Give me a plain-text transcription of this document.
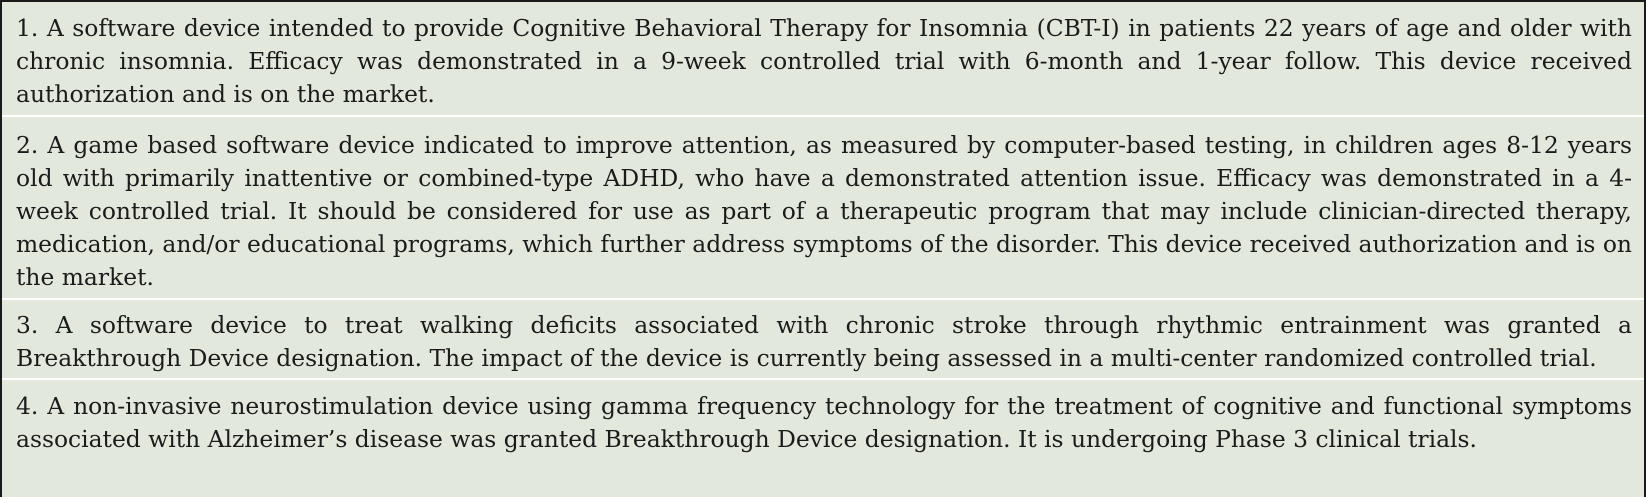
1. A software device intended to provide Cognitive Behavioral Therapy for Insomnia (CBT-I) in patients 22 years of age and older with chronic insomnia. Efficacy was demonstrated in a 9-week controlled trial with 6-month and 1-year follow. This device received authorization and is on the market.

2. A game based software device indicated to improve attention, as measured by computer-based testing, in children ages 8-12 years old with primarily inattentive or combined-type ADHD, who have a demonstrated attention issue. Efficacy was demonstrated in a 4-week controlled trial. It should be considered for use as part of a therapeutic program that may include clinician-directed therapy, medication, and/or educational programs, which further address symptoms of the disorder. This device received authorization and is on the market.

3. A software device to treat walking deficits associated with chronic stroke through rhythmic entrainment was granted a Breakthrough Device designation. The impact of the device is currently being assessed in a multi-center randomized controlled trial.

4. A non-invasive neurostimulation device using gamma frequency technology for the treatment of cognitive and functional symptoms associated with Alzheimer’s disease was granted Breakthrough Device designation. It is undergoing Phase 3 clinical trials.
